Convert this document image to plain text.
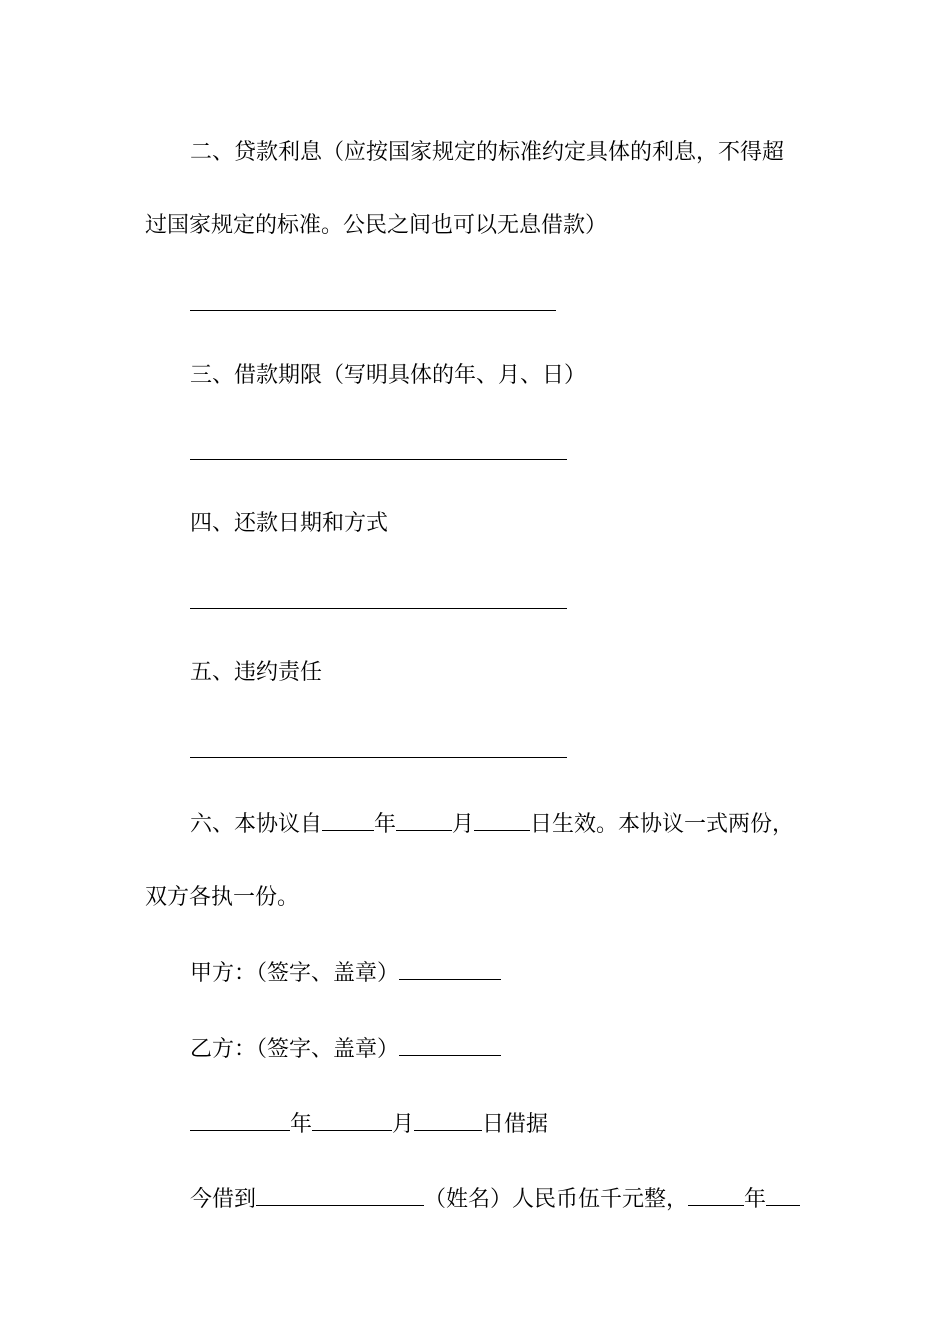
二、贷款利息（应按国家规定的标准约定具体的利息，不得超

过国家规定的标准。公民之间也可以无息借款）

三、借款期限（写明具体的年、月、日）

四、还款日期和方式

五、违约责任

六、本协议自 年	月	日生效。本协议一式两份，

双方各执一份。

甲方：（签字、盖章）

乙方：（签字、盖章）

年	月	日借据

今借到	（姓名）人民币伍千元整，	年
